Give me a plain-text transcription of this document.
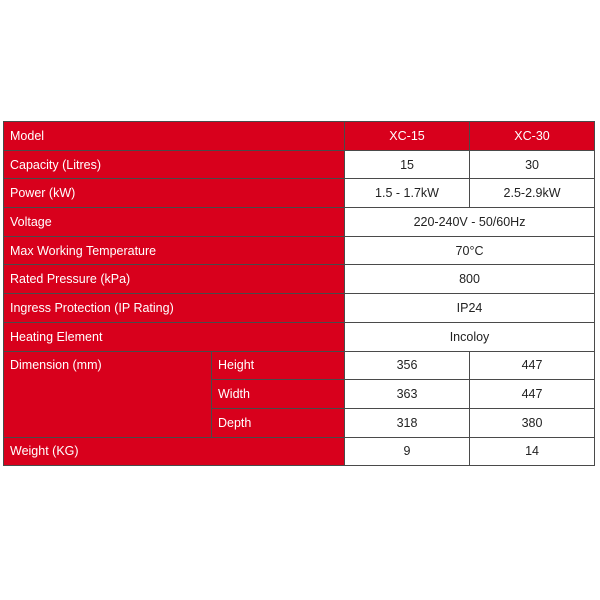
Model		XC-15	XC-30
Capacity (Litres)		15	30
Power (kW)		1.5 - 1.7kW	2.5-2.9kW
Voltage		220-240V - 50/60Hz	
Max Working Temperature		70°C	
Rated Pressure (kPa)		800	
Ingress Protection (IP Rating)		IP24	
Heating Element		Incoloy	
Dimension (mm)	Height	356	447
	Width	363	447
	Depth	318	380
Weight (KG)		9	14
